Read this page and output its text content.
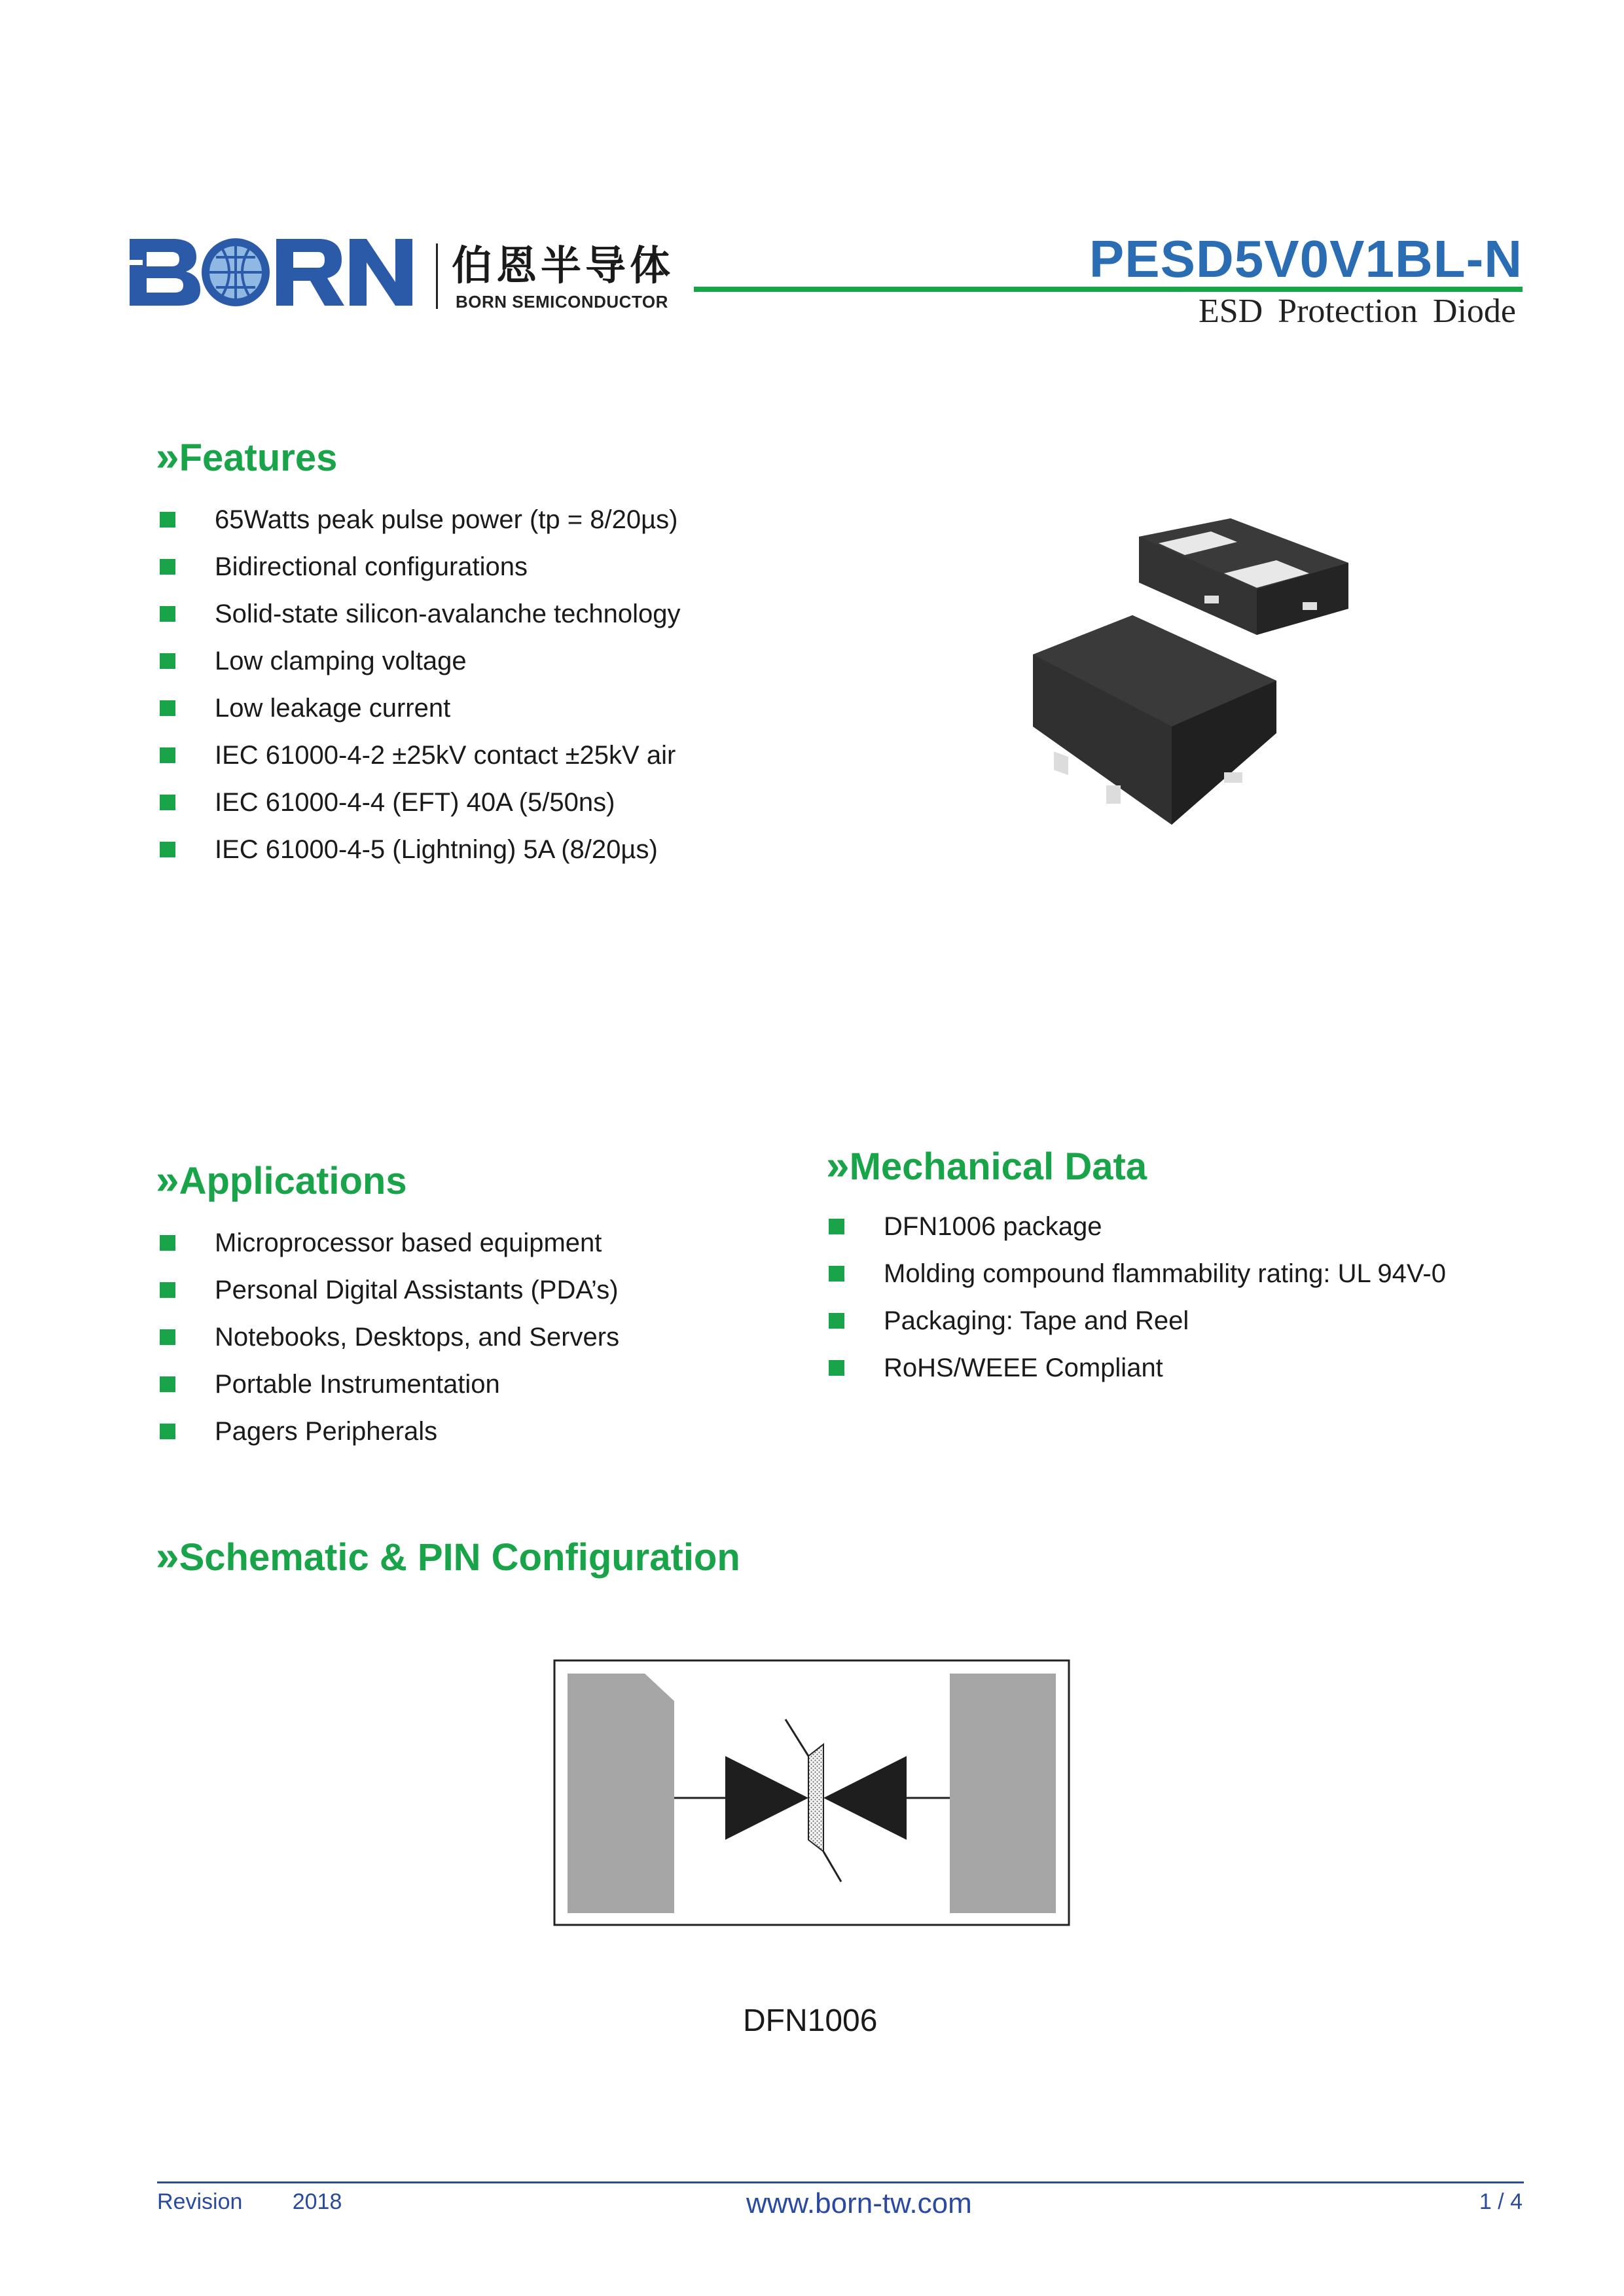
伯恩半导体
BORN SEMICONDUCTOR
PESD5V0V1BL-N
ESD Protection Diode
»Features
65Watts peak pulse power (tp = 8/20µs)
Bidirectional configurations
Solid-state silicon-avalanche technology
Low clamping voltage
Low leakage current
IEC 61000-4-2 ±25kV contact ±25kV air
IEC 61000-4-4 (EFT) 40A (5/50ns)
IEC 61000-4-5 (Lightning) 5A (8/20µs)
»Applications
Microprocessor based equipment
Personal Digital Assistants (PDA’s)
Notebooks, Desktops, and Servers
Portable Instrumentation
Pagers Peripherals
»Mechanical Data
DFN1006 package
Molding compound flammability rating: UL 94V-0
Packaging: Tape and Reel
RoHS/WEEE Compliant
»Schematic & PIN Configuration
DFN1006
Revision   2018	www.born-tw.com	1 / 4
